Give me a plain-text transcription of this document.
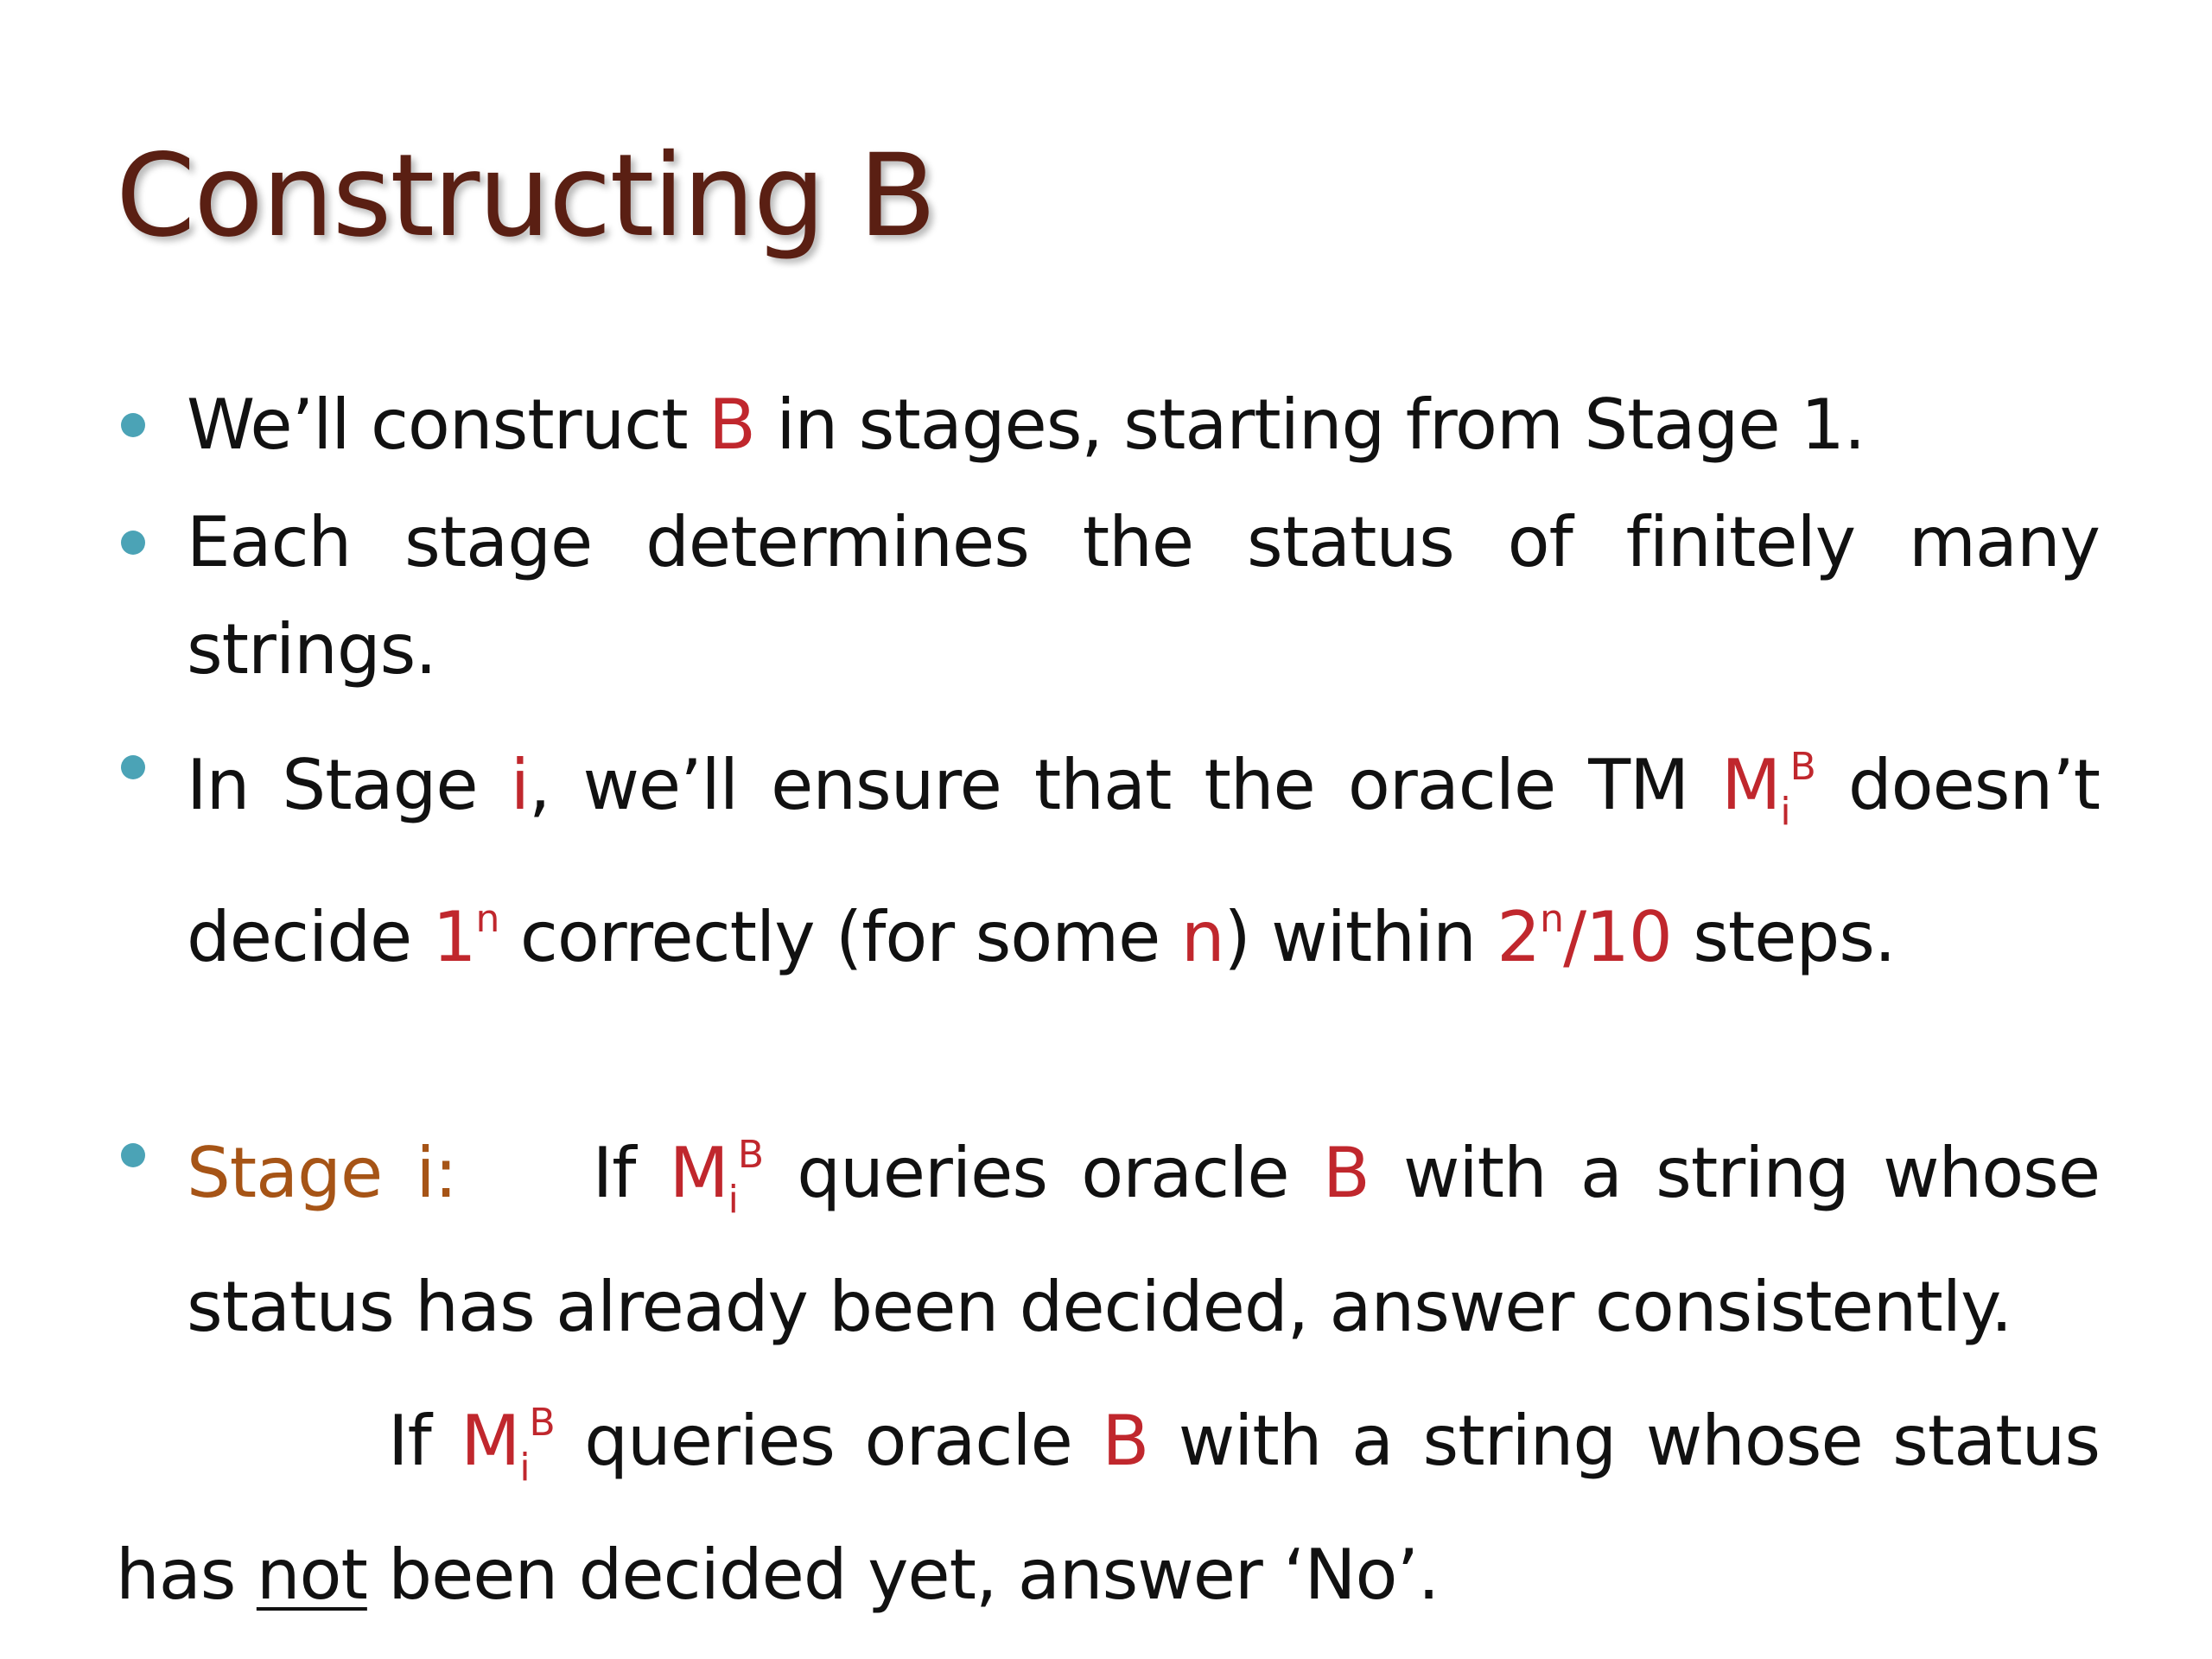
Constructing B
We’ll construct B in stages, starting from Stage 1.
Each stage determines the status of finitely many strings.
In Stage i, we’ll ensure that the oracle TM $M_i^B$ doesn’t decide 1$^n$ correctly (for some n) within 2$^n$/10 steps.
Stage i: If $M_i^B$ queries oracle B with a string whose status has already been decided, answer consistently.
If $M_i^B$ queries oracle B with a string whose status has not been decided yet, answer ‘No’.
